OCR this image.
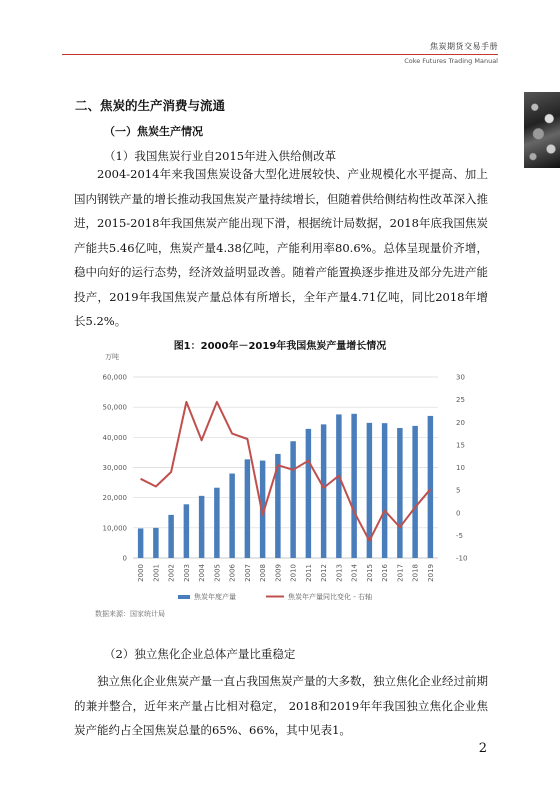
焦炭期货交易手册
Coke Futures Trading Manual
二、焦炭的生产消费与流通
（一）焦炭生产情况
（1）我国焦炭行业自2015年进入供给侧改革

2004-2014年来我国焦炭设备大型化进展较快、产业规模化水平提高、加上国内钢铁产量的增长推动我国焦炭产量持续增长，但随着供给侧结构性改革深入推进，2015-2018年我国焦炭产能出现下滑，根据统计局数据，2018年底我国焦炭产能共5.46亿吨，焦炭产量4.38亿吨，产能利用率80.6%。总体呈现量价齐增，稳中向好的运行态势，经济效益明显改善。随着产能置换逐步推进及部分先进产能投产，2019年我国焦炭产量总体有所增长，全年产量4.71亿吨，同比2018年增长5.2%。

图1：2000年－2019年我国焦炭产量增长情况
万吨
0
10,000
20,000
30,000
40,000
50,000
60,000
-10
-5
0
5
10
15
20
25
30
2000 2001 2002 2003 2004 2005 2006 2007 2008 2009 2010 2011 2012 2013 2014 2015 2016 2017 2018 2019
焦炭年度产量	焦炭年产量同比变化 - 右轴
数据来源：国家统计局
（2）独立焦化企业总体产量比重稳定

独立焦化企业焦炭产量一直占我国焦炭产量的大多数，独立焦化企业经过前期的兼并整合，近年来产量占比相对稳定， 2018和2019年年我国独立焦化企业焦炭产能约占全国焦炭总量的65%、66%，其中见表1。

2
